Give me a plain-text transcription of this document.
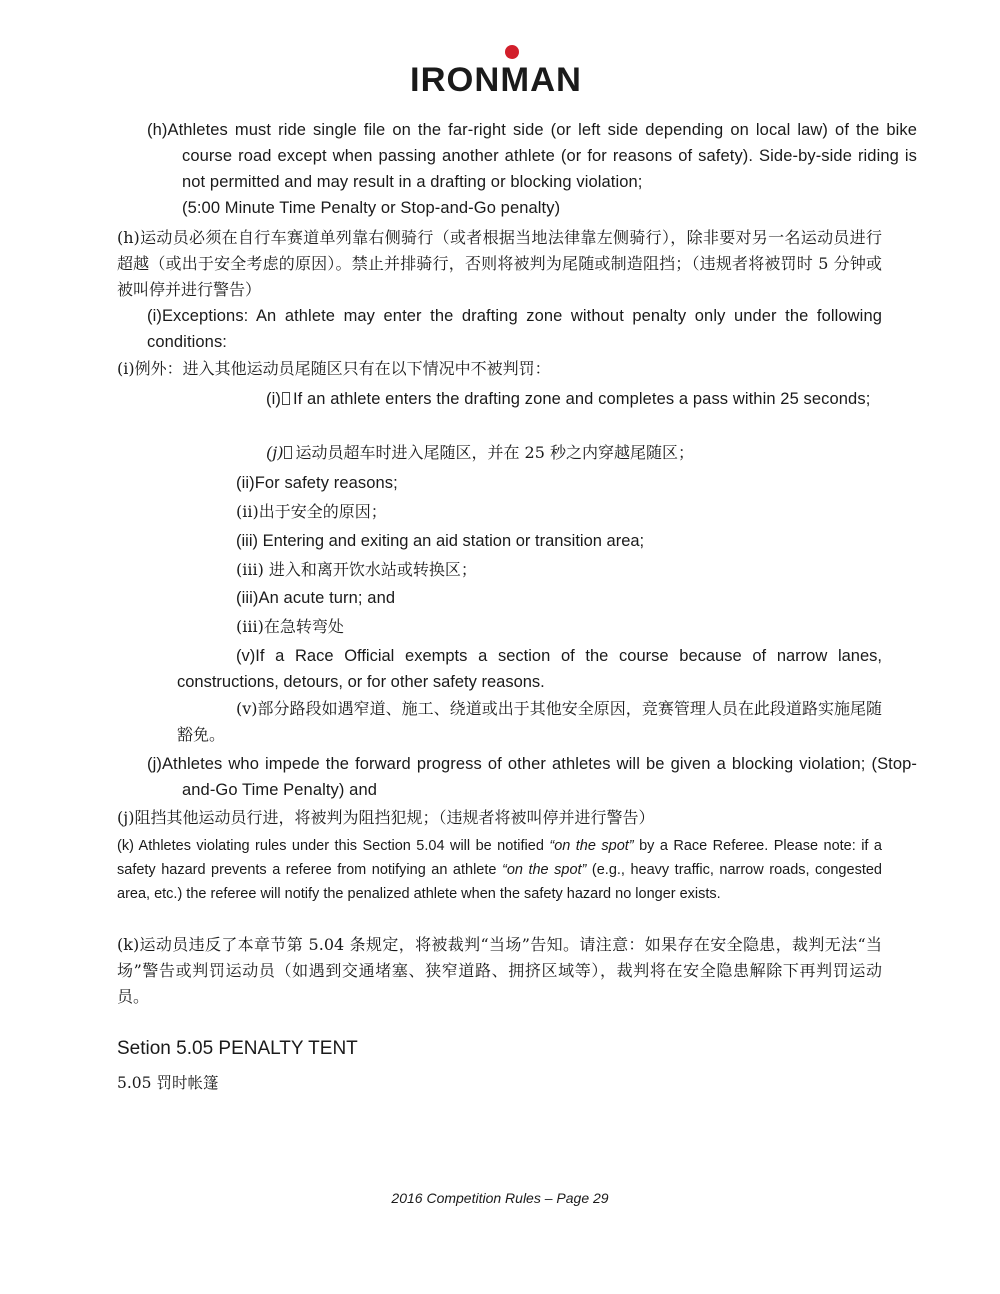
IRONMAN
(h)Athletes must ride single file on the far-right side (or left side depending on local law) of the bike course road except when passing another athlete (or for reasons of safety). Side-by-side riding is not permitted and may result in a drafting or blocking violation;
(5:00 Minute Time Penalty or Stop-and-Go penalty)
(h)运动员必须在自行车赛道单列靠右侧骑行（或者根据当地法律靠左侧骑行），除非要对另一名运动员进行超越（或出于安全考虑的原因）。禁止并排骑行，否则将被判为尾随或制造阻挡；（违规者将被罚时 5 分钟或被叫停并进行警告）
(i)Exceptions: An athlete may enter the drafting zone without penalty only under the following conditions:
(i)例外：进入其他运动员尾随区只有在以下情况中不被判罚：
(i) If an athlete enters the drafting zone and completes a pass within 25 seconds;
(j) 运动员超车时进入尾随区，并在 25 秒之内穿越尾随区；
(ii)For safety reasons;
(ii)出于安全的原因；
(iii) Entering and exiting an aid station or transition area;
(iii) 进入和离开饮水站或转换区；
(iii)An acute turn; and
(iii)在急转弯处
(v)If a Race Official exempts a section of the course because of narrow lanes, constructions, detours, or for other safety reasons.
(v)部分路段如遇窄道、施工、绕道或出于其他安全原因，竞赛管理人员在此段道路实施尾随豁免。
(j)Athletes who impede the forward progress of other athletes will be given a blocking violation; (Stop-and-Go Time Penalty) and
(j)阻挡其他运动员行进，将被判为阻挡犯规；（违规者将被叫停并进行警告）
(k) Athletes violating rules under this Section 5.04 will be notified “on the spot” by a Race Referee. Please note: if a safety hazard prevents a referee from notifying an athlete “on the spot” (e.g., heavy traffic, narrow roads, congested area, etc.) the referee will notify the penalized athlete when the safety hazard no longer exists.
(k)运动员违反了本章节第 5.04 条规定，将被裁判“当场”告知。请注意：如果存在安全隐患，裁判无法“当场”警告或判罚运动员（如遇到交通堵塞、狭窄道路、拥挤区域等），裁判将在安全隐患解除下再判罚运动员。
Setion 5.05 PENALTY TENT
5.05 罚时帐篷
2016 Competition Rules – Page 29
